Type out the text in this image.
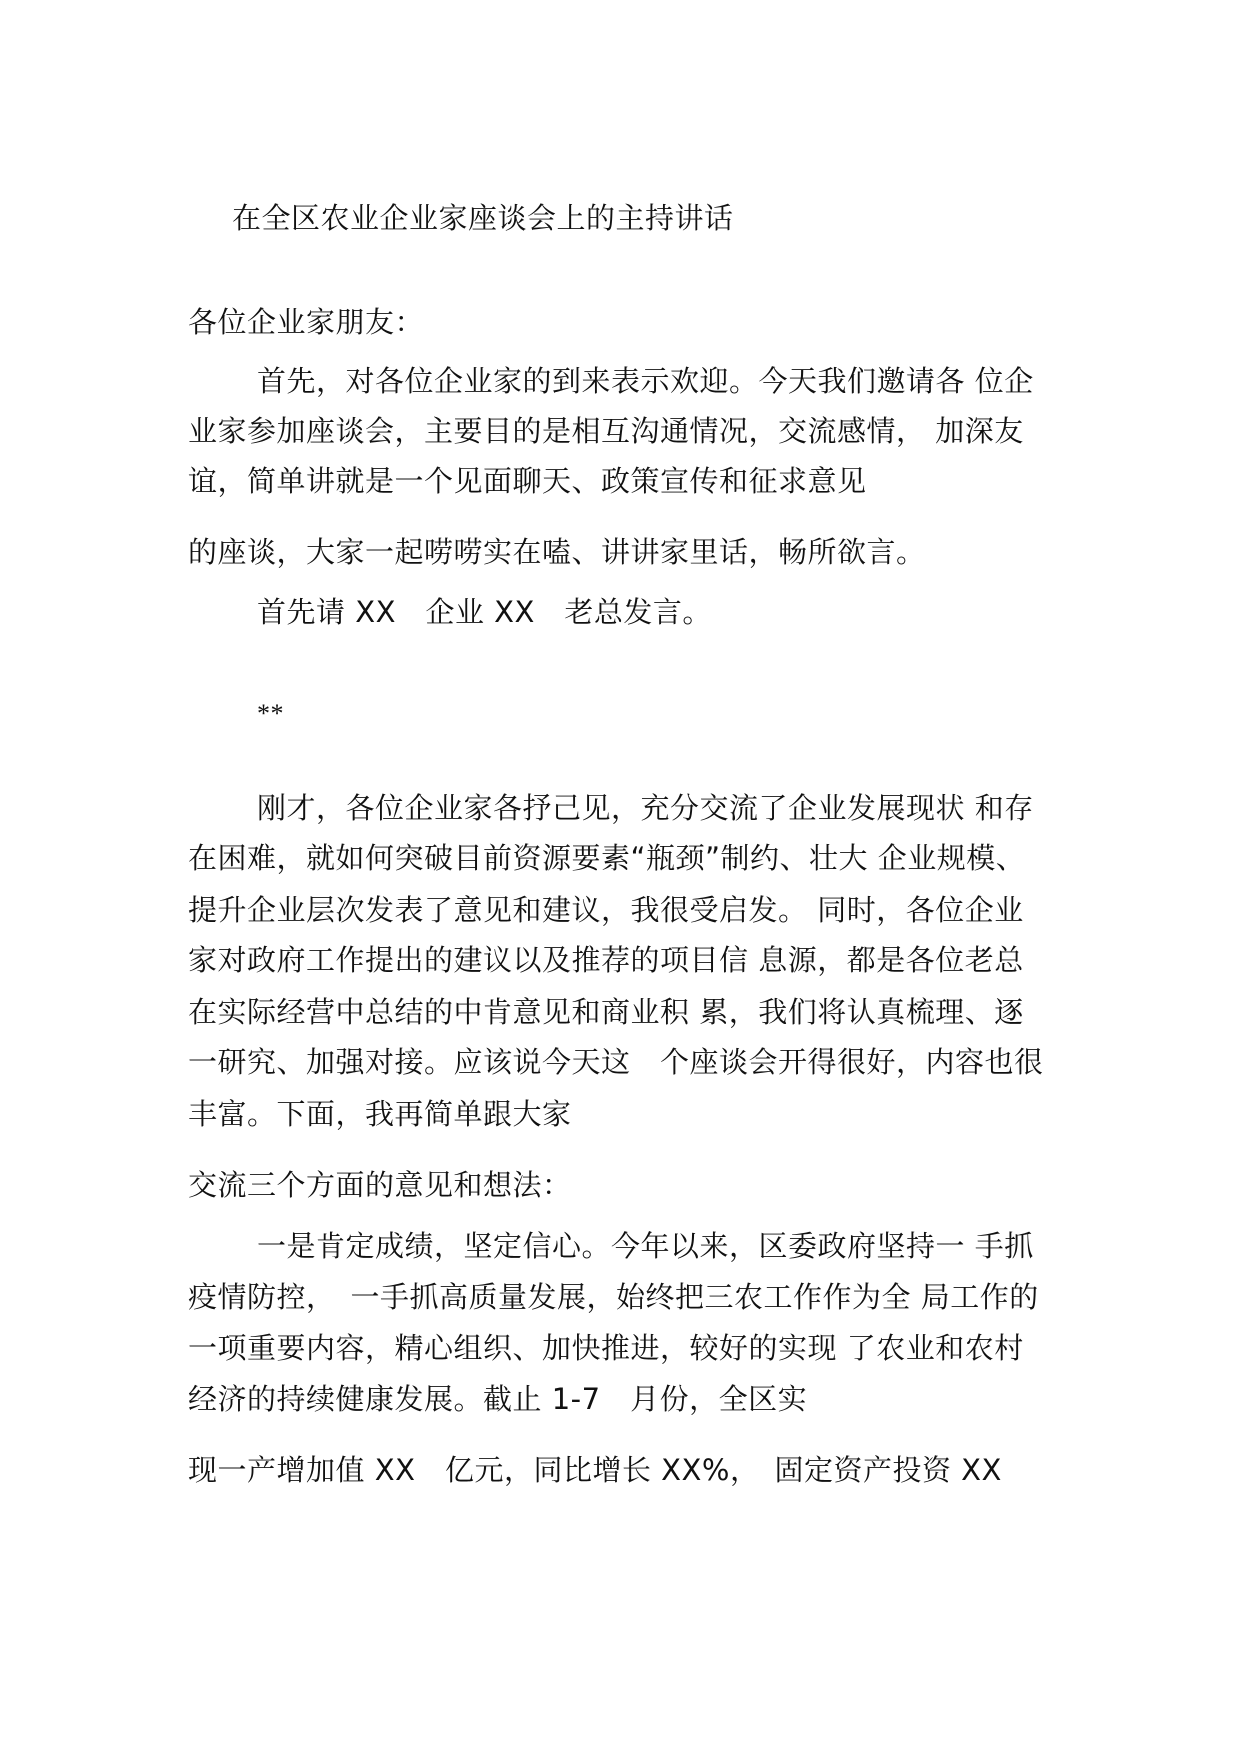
在全区农业企业家座谈会上的主持讲话
各位企业家朋友：
首先，对各位企业家的到来表示欢迎。今天我们邀请各 位企
业家参加座谈会，主要目的是相互沟通情况，交流感情， 加深友
谊，简单讲就是一个见面聊天、政策宣传和征求意见
的座谈，大家一起唠唠实在嗑、讲讲家里话，畅所欲言。
首先请 XX　企业 XX　老总发言。
**
刚才，各位企业家各抒己见，充分交流了企业发展现状 和存
在困难，就如何突破目前资源要素“瓶颈”制约、壮大 企业规模、
提升企业层次发表了意见和建议，我很受启发。 同时，各位企业
家对政府工作提出的建议以及推荐的项目信 息源，都是各位老总
在实际经营中总结的中肯意见和商业积 累，我们将认真梳理、逐
一研究、加强对接。应该说今天这　个座谈会开得很好，内容也很
丰富。下面，我再简单跟大家
交流三个方面的意见和想法：
一是肯定成绩，坚定信心。今年以来，区委政府坚持一 手抓
疫情防控，　一手抓高质量发展，始终把三农工作作为全 局工作的
一项重要内容，精心组织、加快推进，较好的实现 了农业和农村
经济的持续健康发展。截止 1-7　月份，全区实
现一产增加值 XX　亿元，同比增长 XX%，　固定资产投资 XX
